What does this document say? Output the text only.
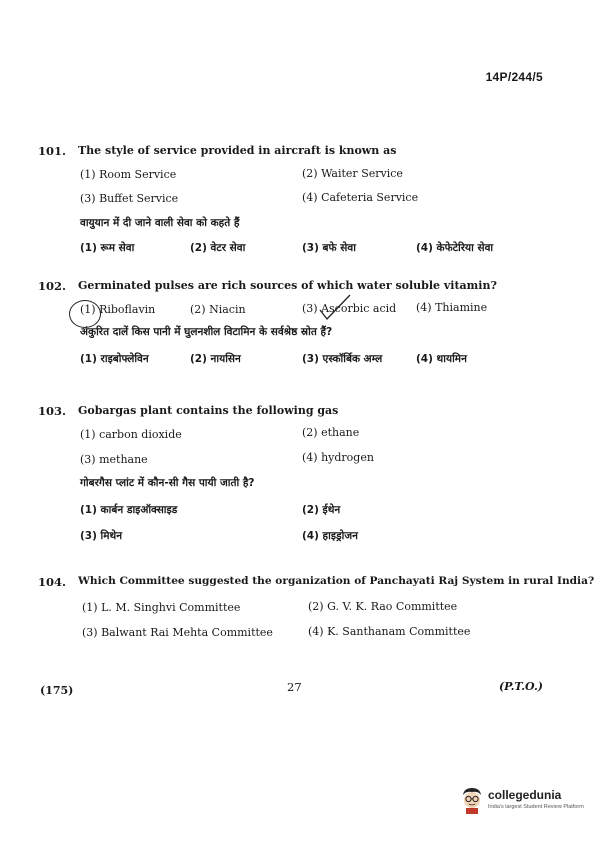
14P/244/5
101. The style of service provided in aircraft is known as
(1) Room Service	(2) Waiter Service
(3) Buffet Service	(4) Cafeteria Service
वायुयान में दी जाने वाली सेवा को कहते हैं
(1) रूम सेवा	(2) वेटर सेवा	(3) बफे सेवा	(4) केफेटेरिया सेवा
102. Germinated pulses are rich sources of which water soluble vitamin?
(1) Riboflavin	(2) Niacin	(3) Ascorbic acid (4) Thiamine
अंकुरित दालें किस पानी में घुलनशील विटामिन के सर्वश्रेष्ठ स्रोत हैं?
(1) राइबोफ्लेविन	(2) नायसिन	(3) एस्कॉर्बिक अम्ल	(4) थायमिन
103. Gobargas plant contains the following gas
(1) carbon dioxide	(2) ethane
(3) methane	(4) hydrogen
गोबरगैस प्लांट में कौन-सी गैस पायी जाती है?
(1) कार्बन डाइऑक्साइड	(2) ईथेन
(3) मिथेन	(4) हाइड्रोजन
104. Which Committee suggested the organization of Panchayati Raj System in rural India?
(1) L. M. Singhvi Committee	(2) G. V. K. Rao Committee
(3) Balwant Rai Mehta Committee	(4) K. Santhanam Committee
(175)	27	(P.T.O.)
collegedunia
India's largest Student Review Platform
